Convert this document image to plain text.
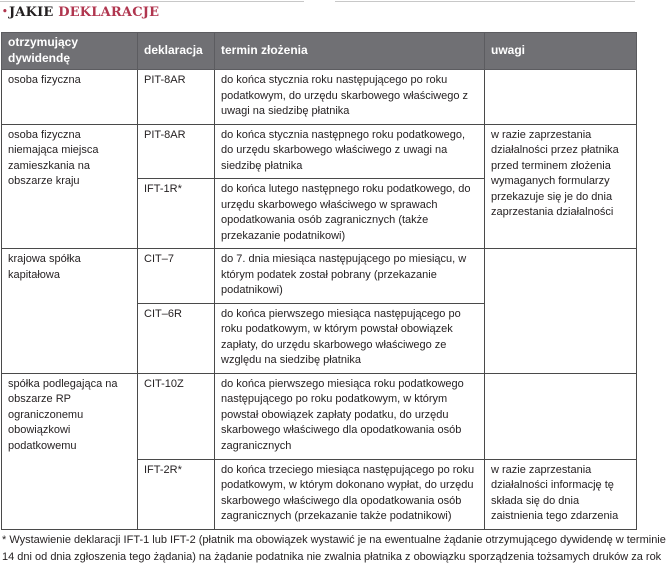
•JAKIE DEKLARACJE
otrzymujący dywidendę	deklaracja	termin złożenia	uwagi
osoba fizyczna	PIT-8AR	do końca stycznia roku następującego po roku podatkowym, do urzędu skarbowego właściwego z uwagi na siedzibę płatnika	
osoba fizyczna niemająca miejsca zamieszkania na obszarze kraju	PIT-8AR	do końca stycznia następnego roku podatkowego, do urzędu skarbowego właściwego z uwagi na siedzibę płatnika	w razie zaprzestania działalności przez płatnika przed terminem złożenia wymaganych formularzy przekazuje się je do dnia zaprzestania działalności
	IFT-1R*	do końca lutego następnego roku podatkowego, do urzędu skarbowego właściwego w sprawach opodatkowania osób zagranicznych (także przekazanie podatnikowi)	
krajowa spółka kapitałowa	CIT–7	do 7. dnia miesiąca następującego po miesiącu, w którym podatek został pobrany (przekazanie podatnikowi)	
	CIT–6R	do końca pierwszego miesiąca następującego po roku podatkowym, w którym powstał obowiązek zapłaty, do urzędu skarbowego właściwego ze względu na siedzibę płatnika	
spółka podlegająca na obszarze RP ograniczonemu obowiązkowi podatkowemu	CIT-10Z	do końca pierwszego miesiąca roku podatkowego następującego po roku podatkowym, w którym powstał obowiązek zapłaty podatku, do urzędu skarbowego właściwego dla opodatkowania osób zagranicznych	
	IFT-2R*	do końca trzeciego miesiąca następującego po roku podatkowym, w którym dokonano wypłat, do urzędu skarbowego właściwego dla opodatkowania osób zagranicznych (przekazanie także podatnikowi)	w razie zaprzestania działalności informację tę składa się do dnia zaistnienia tego zdarzenia
* Wystawienie deklaracji IFT-1 lub IFT-2 (płatnik ma obowiązek wystawić je na ewentualne żądanie otrzymującego dywidendę w terminie
14 dni od dnia zgłoszenia tego żądania) na żądanie podatnika nie zwalnia płatnika z obowiązku sporządzenia tożsamych druków za rok
